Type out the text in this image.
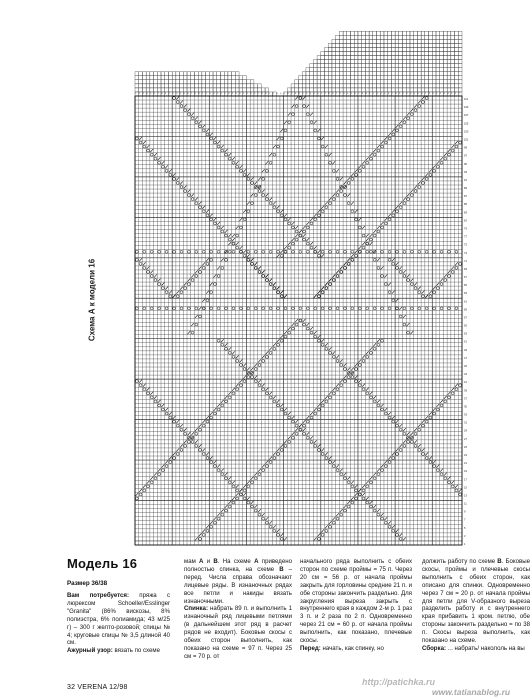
111
109
107
105
103
101
99
97
95
93
91
89
87
85
83
81
79
77
75
73
71
69
67
65
63
61
59
57
55
53
51
49
47
45
43
41
39
37
35
33
31
29
27
25
23
21
19
17
15
13
11
9
7
5
3
1
1	2	3	4	5	6	7	8	9	1	2	3	4	5	6	7	8	9	1	2	3	4	5	6	7	8	9	1	2	3	4	5	6	7	8	9	1	2	3	4	5	6	7	8	9	1	2	3	4	5	6	7	8	9	1	2	3	4	5	6	7	8	9	1	2	3	4	5	6	7	8	9	1	2	3	4	5	6	7	8	9	1	2	3	4	5	6	7
Схема А к модели 16
Модель 16
Размер 36/38

Вам потребуется: пряжа с люрексом Schoeller/Esslinger "Granita" (86% вискозы, 8% полиэстра, 6% полиамида; 43 м/25 г) – 300 г желто-розовой; спицы № 4; круговые спицы № 3,5 длиной 40 см.

Ажурный узор: вязать по схеме

мам А и В. На схеме А приведено полностью спинка, на схеме В – перед. Числа справа обозначают лицевые ряды. В изнаночных рядах все петли и накиды вязать изнаночными.

Спинка: набрать 89 п. и выполнить 1 изнаночный ряд лицевыми петлями (в дальнейшем этот ряд в расчет рядов не входит). Боковые скосы с обеих сторон выполнить, как показано на схеме = 97 п. Через 25 см = 70 р. от

начального ряда выполнить с обеих сторон по схеме проймы = 75 п. Через 20 см = 56 р. от начала проймы закрыть для горловины средние 21 п. и обе стороны закончить раздельно. Для закругления выреза закрыть с внутреннего края в каждом 2-м р. 1 раз 3 п. и 2 раза по 2 п. Одновременно через 21 см = 60 р. от начала проймы выполнить, как показано, плечевые скосы.

Перед: начать, как спинку, но

должить работу по схеме В. Боковые скосы, проймы и плечевые скосы выполнить с обеих сторон, как описано для спинки. Одновременно через 7 см = 20 р. от начала проймы для петли для V-образного выреза разделить работу и с внутреннего края прибавить 1 кром. петлю, обе стороны закончить раздельно = по 38 п. Скосы выреза выполнить, как показано на схеме.

Сборка: ... набрать/ накололь на вы

32 VERENA 12/98
http://patichka.ru
www.tatianablog.ru
